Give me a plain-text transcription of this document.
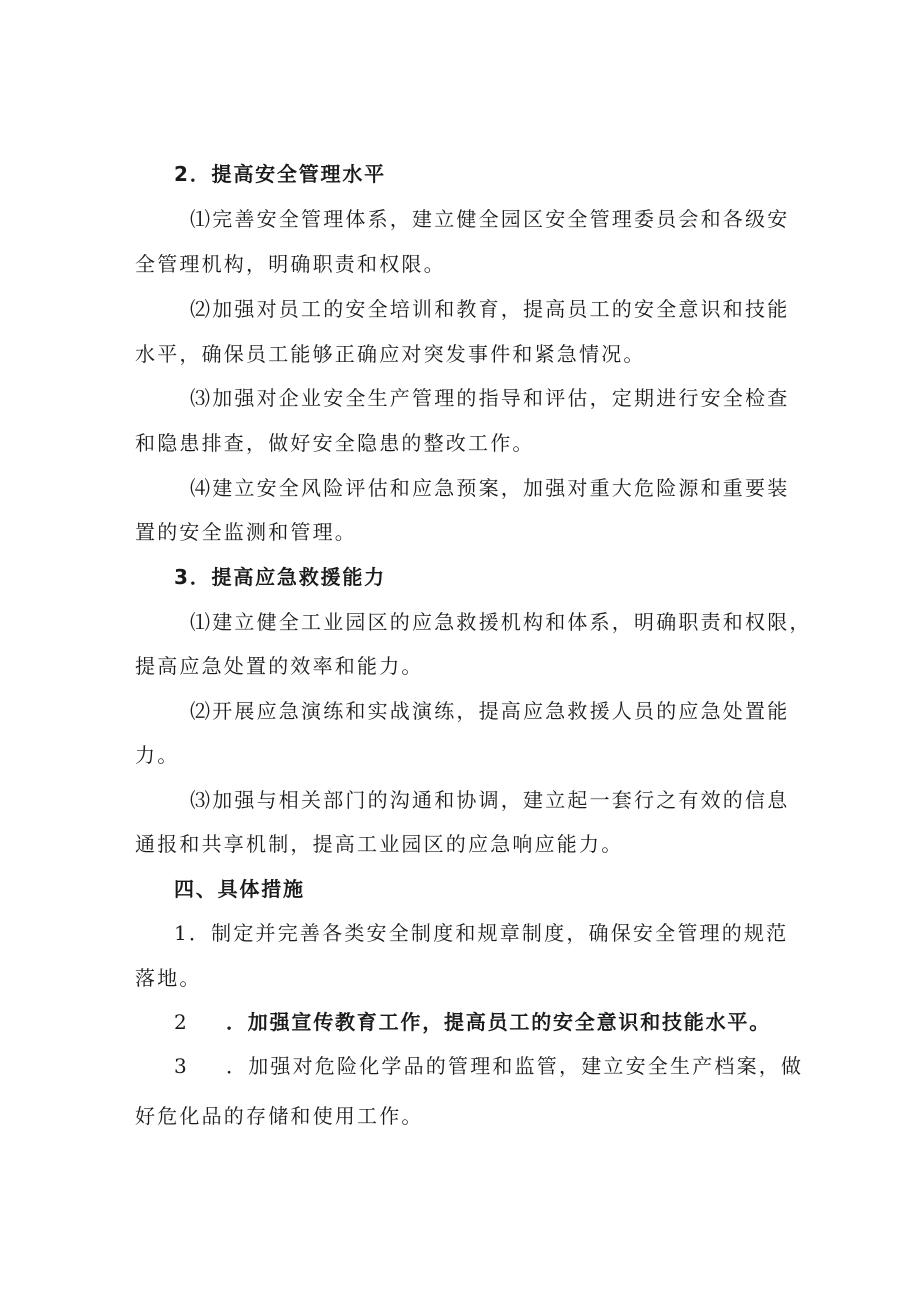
2．提高安全管理水平
⑴完善安全管理体系，建立健全园区安全管理委员会和各级安
全管理机构，明确职责和权限。
⑵加强对员工的安全培训和教育，提高员工的安全意识和技能
水平，确保员工能够正确应对突发事件和紧急情况。
⑶加强对企业安全生产管理的指导和评估，定期进行安全检查
和隐患排查，做好安全隐患的整改工作。
⑷建立安全风险评估和应急预案，加强对重大危险源和重要装
置的安全监测和管理。
3．提高应急救援能力
⑴建立健全工业园区的应急救援机构和体系，明确职责和权限，
提高应急处置的效率和能力。
⑵开展应急演练和实战演练，提高应急救援人员的应急处置能
力。
⑶加强与相关部门的沟通和协调，建立起一套行之有效的信息
通报和共享机制，提高工业园区的应急响应能力。
四、具体措施
1．制定并完善各类安全制度和规章制度，确保安全管理的规范
落地。
2 ．加强宣传教育工作，提高员工的安全意识和技能水平。
3 ．加强对危险化学品的管理和监管，建立安全生产档案，做
好危化品的存储和使用工作。
